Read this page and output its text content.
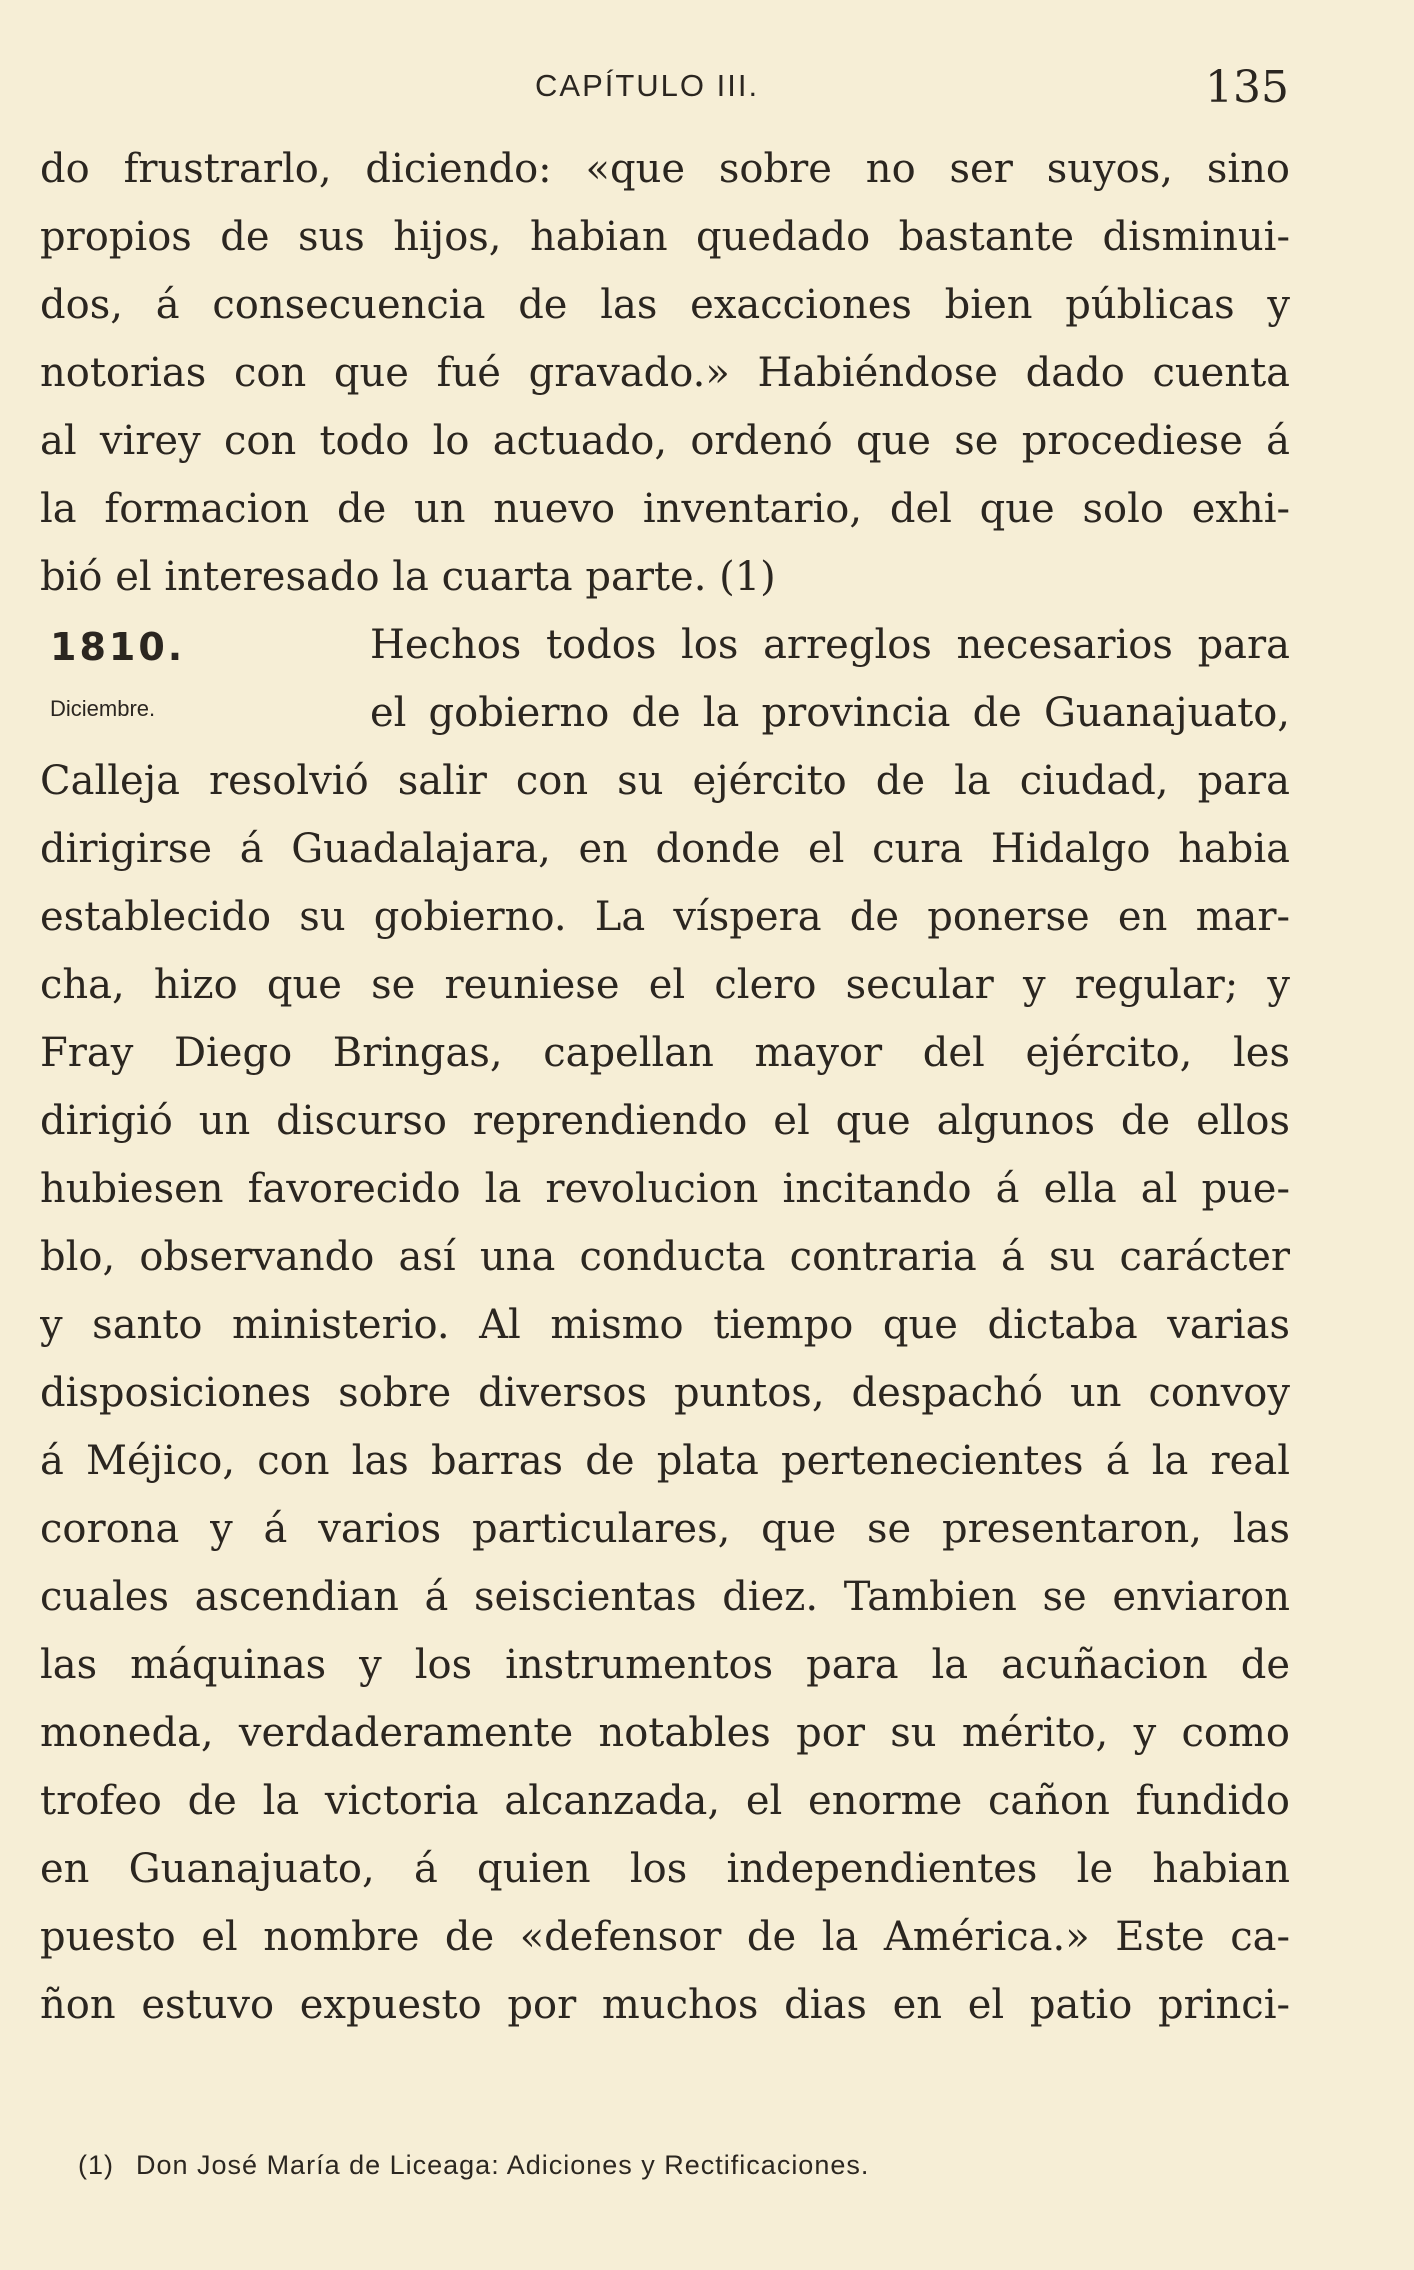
CAPÍTULO III.	135
do frustrarlo, diciendo: «que sobre no ser suyos, sino
propios de sus hijos, habian quedado bastante disminui-
dos, á consecuencia de las exacciones bien públicas y
notorias con que fué gravado.» Habiéndose dado cuenta
al virey con todo lo actuado, ordenó que se procediese á
la formacion de un nuevo inventario, del que solo exhi-
bió el interesado la cuarta parte. (1)
1810.
Diciembre.
Hechos todos los arreglos necesarios para
el gobierno de la provincia de Guanajuato,
Calleja resolvió salir con su ejército de la ciudad, para
dirigirse á Guadalajara, en donde el cura Hidalgo habia
establecido su gobierno. La víspera de ponerse en mar-
cha, hizo que se reuniese el clero secular y regular; y
Fray Diego Bringas, capellan mayor del ejército, les
dirigió un discurso reprendiendo el que algunos de ellos
hubiesen favorecido la revolucion incitando á ella al pue-
blo, observando así una conducta contraria á su carácter
y santo ministerio. Al mismo tiempo que dictaba varias
disposiciones sobre diversos puntos, despachó un convoy
á Méjico, con las barras de plata pertenecientes á la real
corona y á varios particulares, que se presentaron, las
cuales ascendian á seiscientas diez. Tambien se enviaron
las máquinas y los instrumentos para la acuñacion de
moneda, verdaderamente notables por su mérito, y como
trofeo de la victoria alcanzada, el enorme cañon fundido
en Guanajuato, á quien los independientes le habian
puesto el nombre de «defensor de la América.» Este ca-
ñon estuvo expuesto por muchos dias en el patio princi-
(1) Don José María de Liceaga: Adiciones y Rectificaciones.
